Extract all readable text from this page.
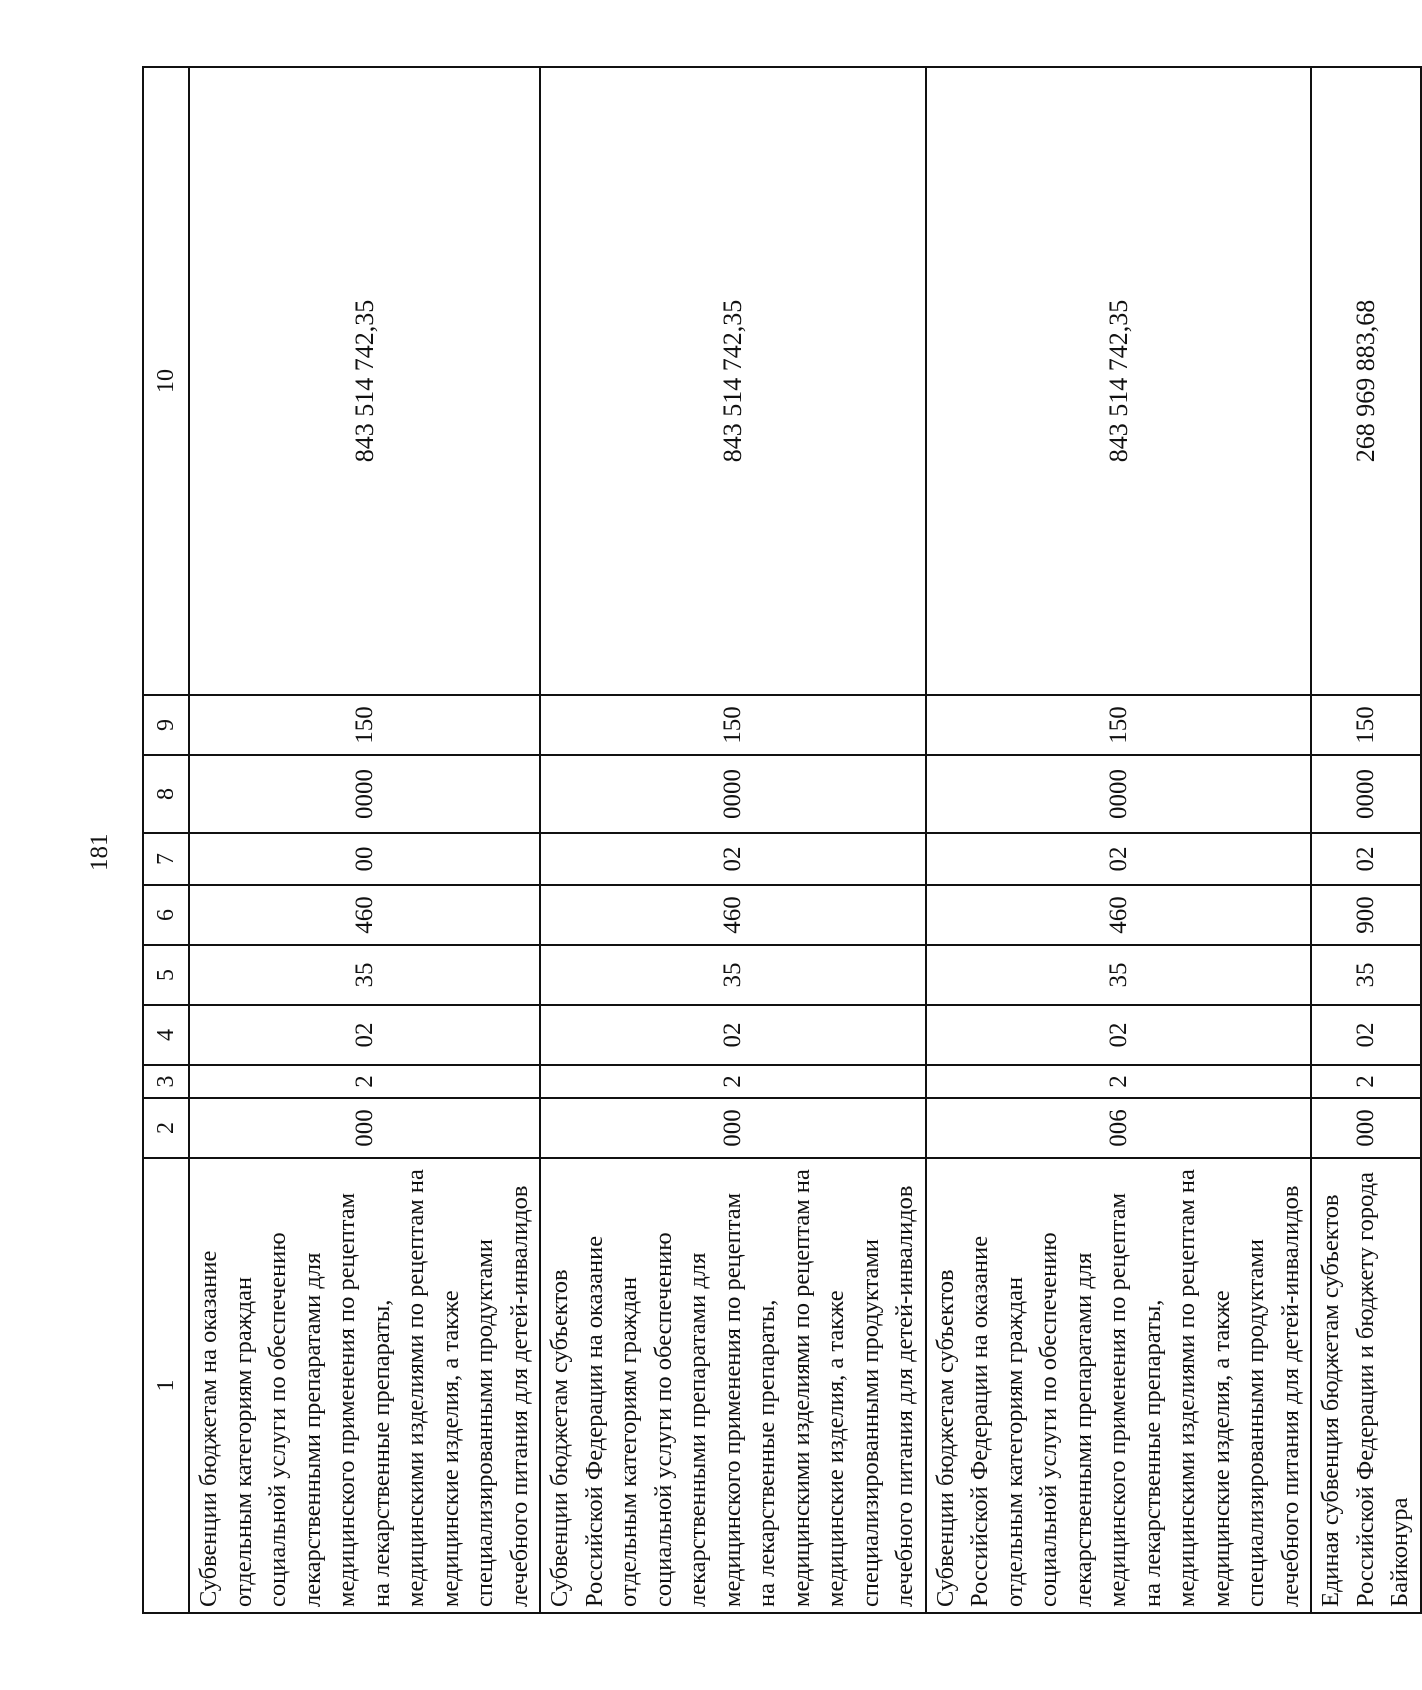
181
1	2	3	4	5	6	7	8	9	10
Субвенции бюджетам на оказание отдельным категориям граждан социальной услуги по обеспечению лекарственными препаратами для медицинского применения по рецептам на лекарственные препараты, медицинскими изделиями по рецептам на медицинские изделия, а также специализированными продуктами лечебного питания для детей-инвалидов	000	2	02	35	460	00	0000	150	843 514 742,35
Субвенции бюджетам субъектов Российской Федерации на оказание отдельным категориям граждан социальной услуги по обеспечению лекарственными препаратами для медицинского применения по рецептам на лекарственные препараты, медицинскими изделиями по рецептам на медицинские изделия, а также специализированными продуктами лечебного питания для детей-инвалидов	000	2	02	35	460	02	0000	150	843 514 742,35
Субвенции бюджетам субъектов Российской Федерации на оказание отдельным категориям граждан социальной услуги по обеспечению лекарственными препаратами для медицинского применения по рецептам на лекарственные препараты, медицинскими изделиями по рецептам на медицинские изделия, а также специализированными продуктами лечебного питания для детей-инвалидов	006	2	02	35	460	02	0000	150	843 514 742,35
Единая субвенция бюджетам субъектов Российской Федерации и бюджету города Байконура	000	2	02	35	900	02	0000	150	268 969 883,68
